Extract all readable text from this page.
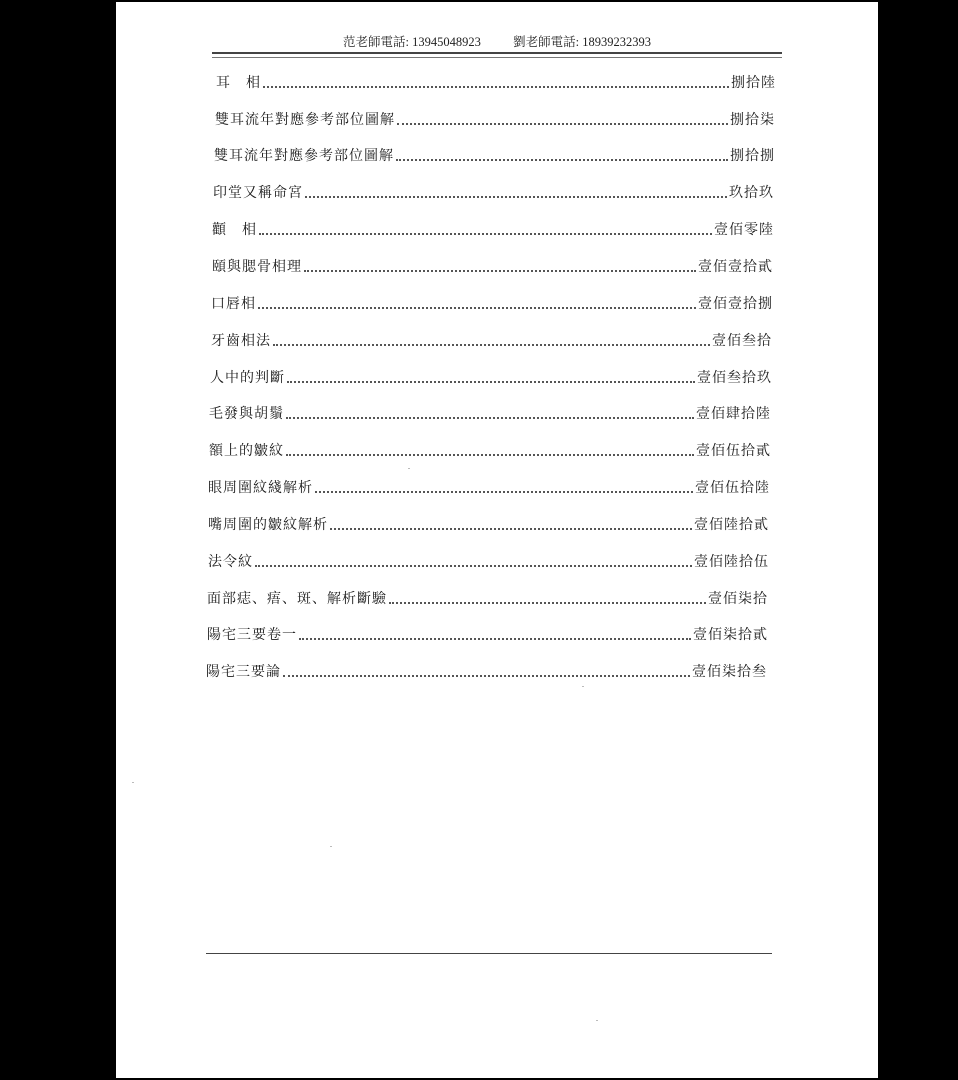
范老師電話: 13945048923	劉老師電話: 18939232393
耳　相	捌拾陸
雙耳流年對應參考部位圖解	捌拾柒
雙耳流年對應參考部位圖解	捌拾捌
印堂又稱命宮	玖拾玖
顴　相	壹佰零陸
頤與腮骨相理	壹佰壹拾貳
口唇相	壹佰壹拾捌
牙齒相法	壹佰叁拾
人中的判斷	壹佰叁拾玖
毛發與胡鬚	壹佰肆拾陸
額上的皺紋	壹佰伍拾貳
眼周圍紋綫解析	壹佰伍拾陸
嘴周圍的皺紋解析	壹佰陸拾貳
法令紋	壹佰陸拾伍
面部痣、痦、斑、解析斷驗	壹佰柒拾
陽宅三要卷一	壹佰柒拾貳
陽宅三要論	壹佰柒拾叁
